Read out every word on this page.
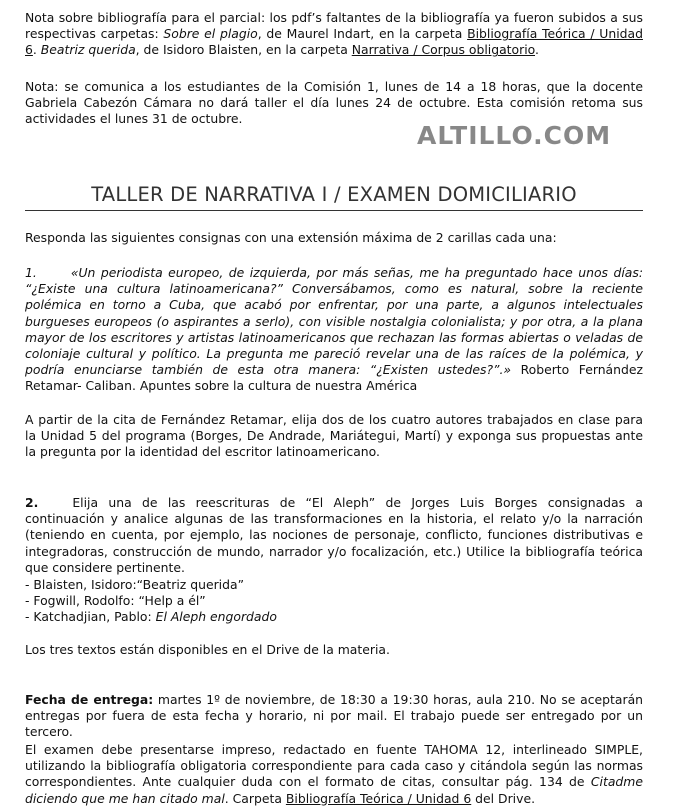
Nota sobre bibliografía para el parcial: los pdf’s faltantes de la bibliografía ya fueron subidos a sus respectivas carpetas: Sobre el plagio, de Maurel Indart, en la carpeta Bibliografía Teórica / Unidad 6. Beatriz querida, de Isidoro Blaisten, en la carpeta Narrativa / Corpus obligatorio.

Nota: se comunica a los estudiantes de la Comisión 1, lunes de 14 a 18 horas, que la docente Gabriela Cabezón Cámara no dará taller el día lunes 24 de octubre. Esta comisión retoma sus actividades el lunes 31 de octubre.

TALLER DE NARRATIVA I / EXAMEN DOMICILIARIO

Responda las siguientes consignas con una extensión máxima de 2 carillas cada una:

1.	«Un periodista europeo, de izquierda, por más señas, me ha preguntado hace unos días: “¿Existe una cultura latinoamericana?” Conversábamos, como es natural, sobre la reciente polémica en torno a Cuba, que acabó por enfrentar, por una parte, a algunos intelectuales burgueses europeos (o aspirantes a serlo), con visible nostalgia colonialista; y por otra, a la plana mayor de los escritores y artistas latinoamericanos que rechazan las formas abiertas o veladas de coloniaje cultural y político. La pregunta me pareció revelar una de las raíces de la polémica, y podría enunciarse también de esta otra manera: “¿Existen ustedes?”.» Roberto Fernández Retamar- Caliban. Apuntes sobre la cultura de nuestra América

A partir de la cita de Fernández Retamar, elija dos de los cuatro autores trabajados en clase para la Unidad 5 del programa (Borges, De Andrade, Mariátegui, Martí) y exponga sus propuestas ante la pregunta por la identidad del escritor latinoamericano.

2.	Elija una de las reescrituras de “El Aleph” de Jorges Luis Borges consignadas a continuación y analice algunas de las transformaciones en la historia, el relato y/o la narración (teniendo en cuenta, por ejemplo, las nociones de personaje, conflicto, funciones distributivas e integradoras, construcción de mundo, narrador y/o focalización, etc.) Utilice la bibliografía teórica que considere pertinente.

- Blaisten, Isidoro:“Beatriz querida”

- Fogwill, Rodolfo: “Help a él”

- Katchadjian, Pablo: El Aleph engordado

Los tres textos están disponibles en el Drive de la materia.

Fecha de entrega: martes 1º de noviembre, de 18:30 a 19:30 horas, aula 210. No se aceptarán entregas por fuera de esta fecha y horario, ni por mail. El trabajo puede ser entregado por un tercero.

El examen debe presentarse impreso, redactado en fuente TAHOMA 12, interlineado SIMPLE, utilizando la bibliografía obligatoria correspondiente para cada caso y citándola según las normas correspondientes. Ante cualquier duda con el formato de citas, consultar pág. 134 de Citadme diciendo que me han citado mal. Carpeta Bibliografía Teórica / Unidad 6 del Drive.

ALTILLO.COM
